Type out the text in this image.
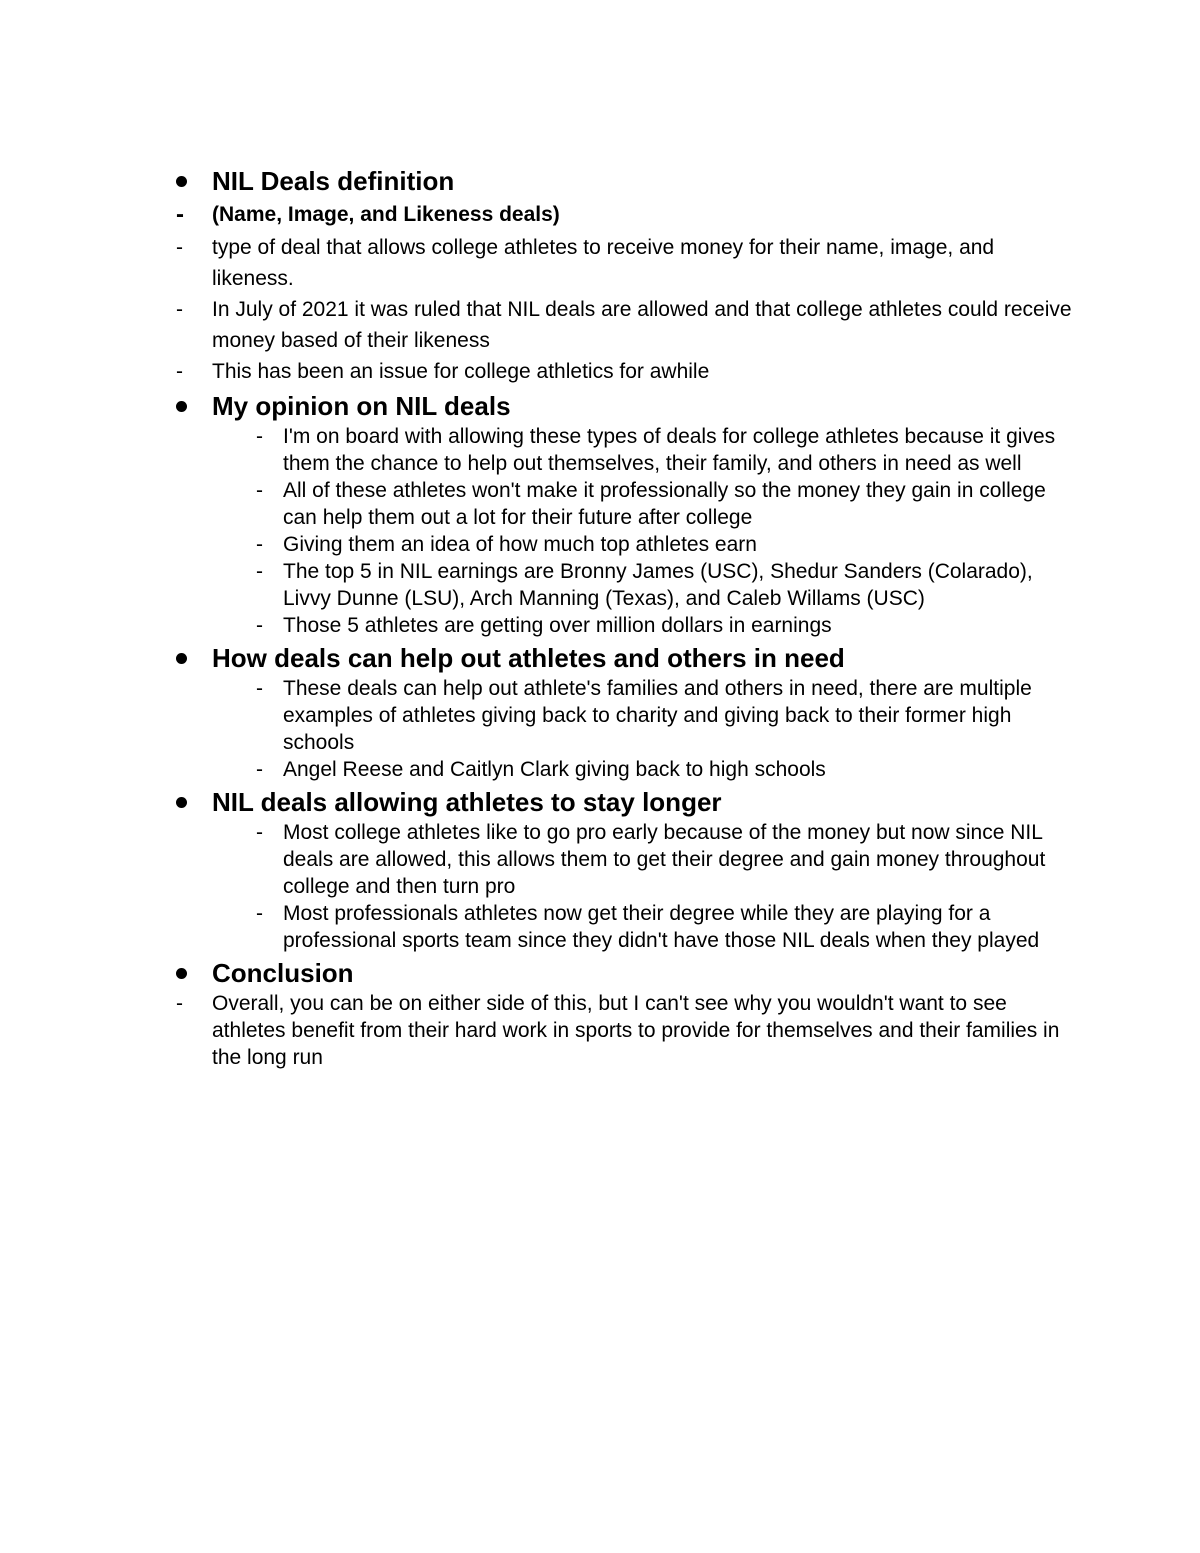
NIL Deals definition
-	(Name, Image, and Likeness deals)
-	type of deal that allows college athletes to receive money for their name, image, and likeness.
-	In July of 2021 it was ruled that NIL deals are allowed and that college athletes could receive money based of their likeness
-	This has been an issue for college athletics for awhile
My opinion on NIL deals
- I'm on board with allowing these types of deals for college athletes because it gives them the chance to help out themselves, their family, and others in need as well
- All of these athletes won't make it professionally so the money they gain in college can help them out a lot for their future after college
- Giving them an idea of how much top athletes earn
- The top 5 in NIL earnings are Bronny James (USC), Shedur Sanders (Colarado), Livvy Dunne (LSU), Arch Manning (Texas), and Caleb Willams (USC)
- Those 5 athletes are getting over million dollars in earnings
How deals can help out athletes and others in need
- These deals can help out athlete's families and others in need, there are multiple examples of athletes giving back to charity and giving back to their former high schools
- Angel Reese and Caitlyn Clark giving back to high schools
NIL deals allowing athletes to stay longer
- Most college athletes like to go pro early because of the money but now since NIL deals are allowed, this allows them to get their degree and gain money throughout college and then turn pro
- Most professionals athletes now get their degree while they are playing for a professional sports team since they didn't have those NIL deals when they played
Conclusion
-	Overall, you can be on either side of this, but I can't see why you wouldn't want to see athletes benefit from their hard work in sports to provide for themselves and their families in the long run
